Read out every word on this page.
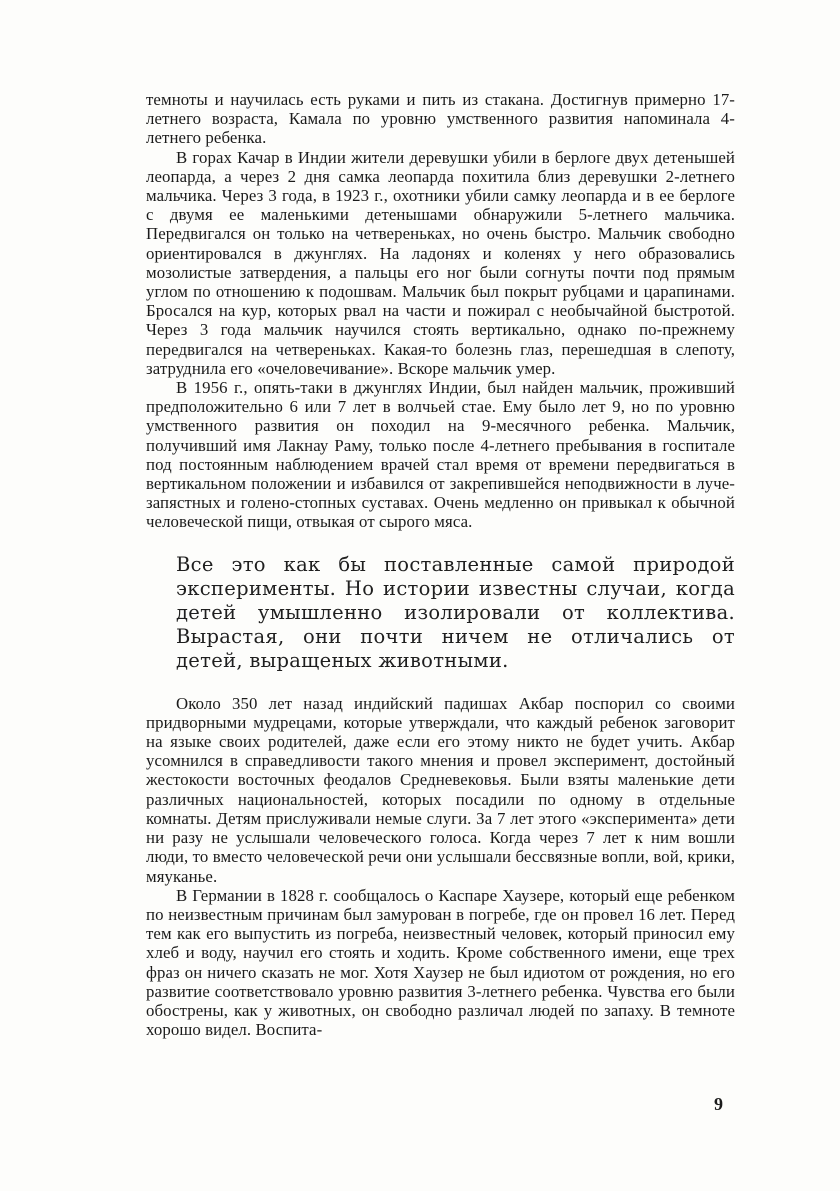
темноты и научилась есть руками и пить из стакана. Достигнув примерно 17-летнего возраста, Камала по уровню умственного развития напоминала 4-летнего ребенка.

В горах Качар в Индии жители деревушки убили в берлоге двух детенышей леопарда, а через 2 дня самка леопарда похитила близ деревушки 2-летнего мальчика. Через 3 года, в 1923 г., охотники убили самку леопарда и в ее берлоге с двумя ее маленькими детенышами обнаружили 5-летнего мальчика. Передвигался он только на четвереньках, но очень быстро. Мальчик свободно ориентировался в джунглях. На ладонях и коленях у него образовались мозолистые затвердения, а пальцы его ног были согнуты почти под прямым углом по отношению к подошвам. Мальчик был покрыт рубцами и царапинами. Бросался на кур, которых рвал на части и пожирал с необычайной быстротой. Через 3 года мальчик научился стоять вертикально, однако по-прежнему передвигался на четвереньках. Какая-то болезнь глаз, перешедшая в слепоту, затруднила его «очеловечивание». Вскоре мальчик умер.

В 1956 г., опять-таки в джунглях Индии, был найден мальчик, проживший предположительно 6 или 7 лет в волчьей стае. Ему было лет 9, но по уровню умственного развития он походил на 9-месячного ребенка. Мальчик, получивший имя Лакнау Раму, только после 4-летнего пребывания в госпитале под постоянным наблюдением врачей стал время от времени передвигаться в вертикальном положении и избавился от закрепившейся неподвижности в луче-запястных и голено-стопных суставах. Очень медленно он привыкал к обычной человеческой пищи, отвыкая от сырого мяса.

Все это как бы поставленные самой природой эксперименты. Но истории известны случаи, когда детей умышленно изолировали от коллектива. Вырастая, они почти ничем не отличались от детей, выращеных животными.

Около 350 лет назад индийский падишах Акбар поспорил со своими придворными мудрецами, которые утверждали, что каждый ребенок заговорит на языке своих родителей, даже если его этому никто не будет учить. Акбар усомнился в справедливости такого мнения и провел эксперимент, достойный жестокости восточных феодалов Средневековья. Были взяты маленькие дети различных национальностей, которых посадили по одному в отдельные комнаты. Детям прислуживали немые слуги. За 7 лет этого «эксперимента» дети ни разу не услышали человеческого голоса. Когда через 7 лет к ним вошли люди, то вместо человеческой речи они услышали бессвязные вопли, вой, крики, мяуканье.

В Германии в 1828 г. сообщалось о Каспаре Хаузере, который еще ребенком по неизвестным причинам был замурован в погребе, где он провел 16 лет. Перед тем как его выпустить из погреба, неизвестный человек, который приносил ему хлеб и воду, научил его стоять и ходить. Кроме собственного имени, еще трех фраз он ничего сказать не мог. Хотя Хаузер не был идиотом от рождения, но его развитие соответствовало уровню развития 3-летнего ребенка. Чувства его были обострены, как у животных, он свободно различал людей по запаху. В темноте хорошо видел. Воспита-

9
